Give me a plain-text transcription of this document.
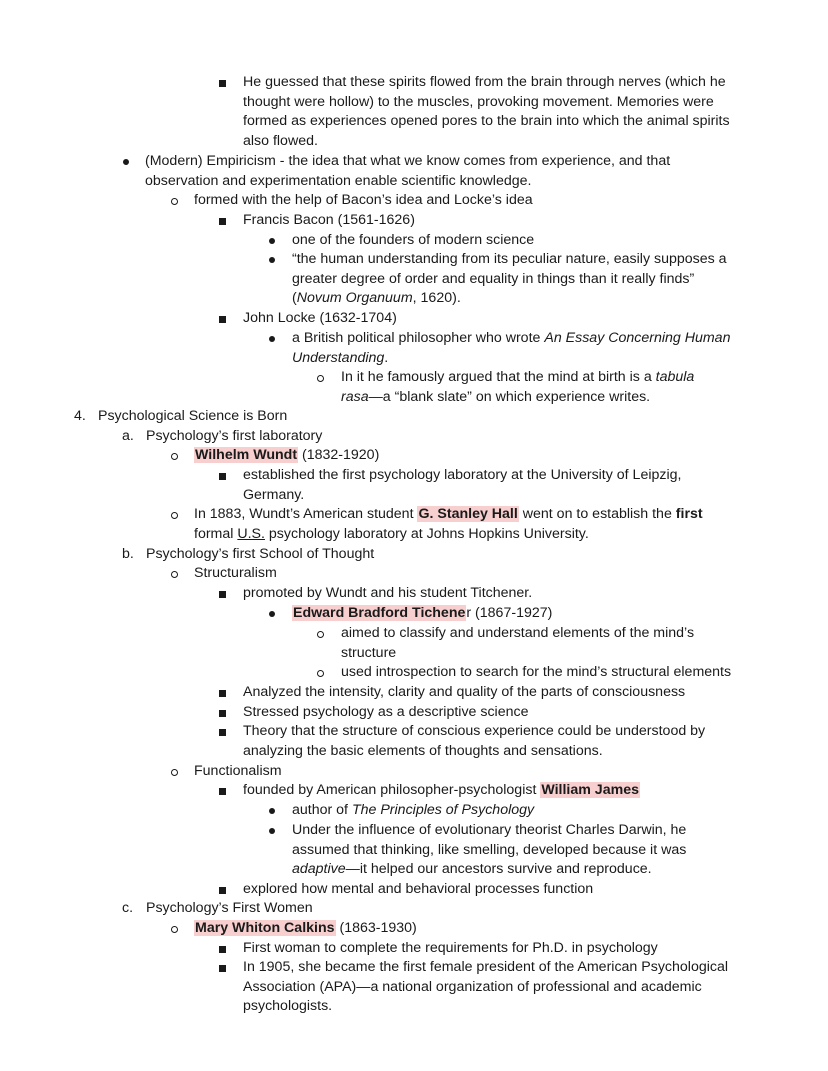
He guessed that these spirits flowed from the brain through nerves (which he
thought were hollow) to the muscles, provoking movement. Memories were
formed as experiences opened pores to the brain into which the animal spirits
also flowed.
(Modern) Empiricism - the idea that what we know comes from experience, and that
observation and experimentation enable scientific knowledge.
formed with the help of Bacon’s idea and Locke’s idea
Francis Bacon (1561-1626)
one of the founders of modern science
“the human understanding from its peculiar nature, easily supposes a
greater degree of order and equality in things than it really finds”
(Novum Organuum, 1620).
John Locke (1632-1704)
a British political philosopher who wrote An Essay Concerning Human
Understanding.
In it he famously argued that the mind at birth is a tabula
rasa—a “blank slate” on which experience writes.
4. Psychological Science is Born
a. Psychology’s first laboratory
Wilhelm Wundt (1832-1920)
established the first psychology laboratory at the University of Leipzig,
Germany.
In 1883, Wundt’s American student G. Stanley Hall went on to establish the first
formal U.S. psychology laboratory at Johns Hopkins University.
b. Psychology’s first School of Thought
Structuralism
promoted by Wundt and his student Titchener.
Edward Bradford Tichener (1867-1927)
aimed to classify and understand elements of the mind’s
structure
used introspection to search for the mind’s structural elements
Analyzed the intensity, clarity and quality of the parts of consciousness
Stressed psychology as a descriptive science
Theory that the structure of conscious experience could be understood by
analyzing the basic elements of thoughts and sensations.
Functionalism
founded by American philosopher-psychologist William James
author of The Principles of Psychology
Under the influence of evolutionary theorist Charles Darwin, he
assumed that thinking, like smelling, developed because it was
adaptive—it helped our ancestors survive and reproduce.
explored how mental and behavioral processes function
c. Psychology’s First Women
Mary Whiton Calkins (1863-1930)
First woman to complete the requirements for Ph.D. in psychology
In 1905, she became the first female president of the American Psychological
Association (APA)—a national organization of professional and academic
psychologists.
